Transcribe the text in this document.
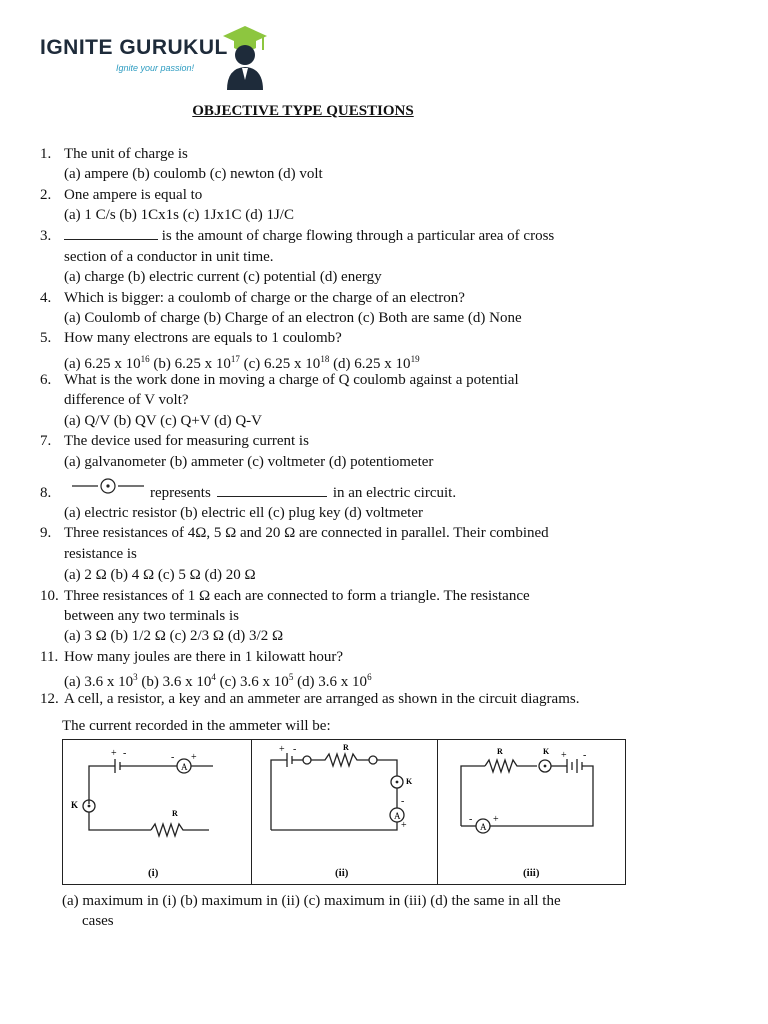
IGNITE GURUKUL
Ignite your passion!
OBJECTIVE TYPE QUESTIONS
1. The unit of charge is
(a) ampere (b) coulomb (c) newton (d) volt
2. One ampere is equal to
(a) 1 C/s (b) 1Cx1s (c) 1Jx1C (d) 1J/C
3.	is the amount of charge flowing through a particular area of cross
section of a conductor in unit time.
(a) charge (b) electric current (c) potential (d) energy
4. Which is bigger: a coulomb of charge or the charge of an electron?
(a) Coulomb of charge (b) Charge of an electron (c) Both are same (d) None
5. How many electrons are equals to 1 coulomb?
(a) 6.25 x $10^{16}$ (b) 6.25 x $10^{17}$ (c) 6.25 x $10^{18}$ (d) 6.25 x $10^{19}$
6. What is the work done in moving a charge of Q coulomb against a potential
difference of V volt?
(a) Q/V (b) QV (c) Q+V (d) Q-V
7. The device used for measuring current is
(a) galvanometer (b) ammeter (c) voltmeter (d) potentiometer
8.	represents	in an electric circuit.
(a) electric resistor (b) electric ell (c) plug key (d) voltmeter
9. Three resistances of 4Ω, 5 Ω and 20 Ω are connected in parallel. Their combined
resistance is
(a) 2 Ω (b) 4 Ω (c) 5 Ω (d) 20 Ω
10. Three resistances of 1 Ω each are connected to form a triangle. The resistance
between any two terminals is
(a) 3 Ω (b) 1/2 Ω (c) 2/3 Ω (d) 3/2 Ω
11. How many joules are there in 1 kilowatt hour?
(a) 3.6 x $10^3$ (b) 3.6 x $10^4$ (c) 3.6 x $10^5$ (d) 3.6 x $10^6$
12. A cell, a resistor, a key and an ammeter are arranged as shown in the circuit diagrams.
The current recorded in the ammeter will be:
A
+ -	- +
K
R
(i)
A
+ -	R
K
-
+
(ii)
A
R	K + -
- +
(iii)
(a) maximum in (i) (b) maximum in (ii) (c) maximum in (iii) (d) the same in all the
cases
